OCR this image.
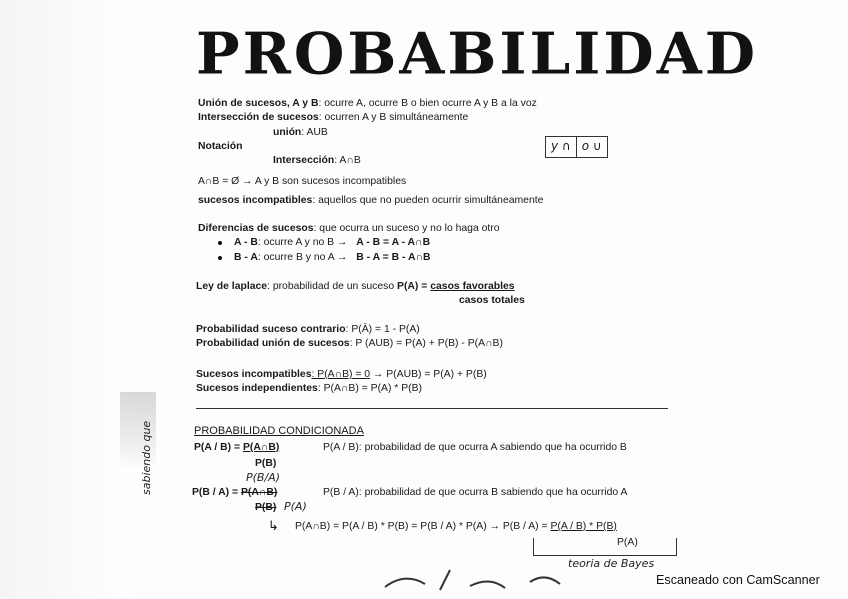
PROBABILIDAD
Unión de sucesos, A y B: ocurre A, ocurre B o bien ocurre A y B a la voz
Intersección de sucesos: ocurren A y B simultáneamente
unión: AUB
Notación
Intersección: A∩B
y ∩ o ∪
A∩B = Ø → A y B son sucesos incompatibles
sucesos incompatibles: aquellos que no pueden ocurrir simultáneamente
Diferencias de sucesos: que ocurra un suceso y no lo haga otro
A - B: ocurre A y no B → A - B = A - A∩B
B - A: ocurre B y no A → B - A = B - A∩B
Ley de laplace: probabilidad de un suceso P(A) = casos favorables
casos totales
Probabilidad suceso contrario: P(Ā) = 1 - P(A)
Probabilidad unión de sucesos: P (AUB) = P(A) + P(B) - P(A∩B)
Sucesos incompatibles: P(A∩B) = 0 → P(AUB) = P(A) + P(B)
Sucesos independientes: P(A∩B) = P(A) * P(B)
PROBABILIDAD CONDICIONADA
P(A / B) = P(A∩B)
P(B)
P(A / B): probabilidad de que ocurra A sabiendo que ha ocurrido B
P(B/A)
P(B / A) = P(A∩B)
P(B) P(A)
P(B / A): probabilidad de que ocurra B sabiendo que ha ocurrido A
↳ P(A∩B) = P(A / B) * P(B) = P(B / A) * P(A) → P(B / A) = P(A / B) * P(B)
P(A)
teoria de Bayes
sabiendo que
Escaneado con CamScanner
